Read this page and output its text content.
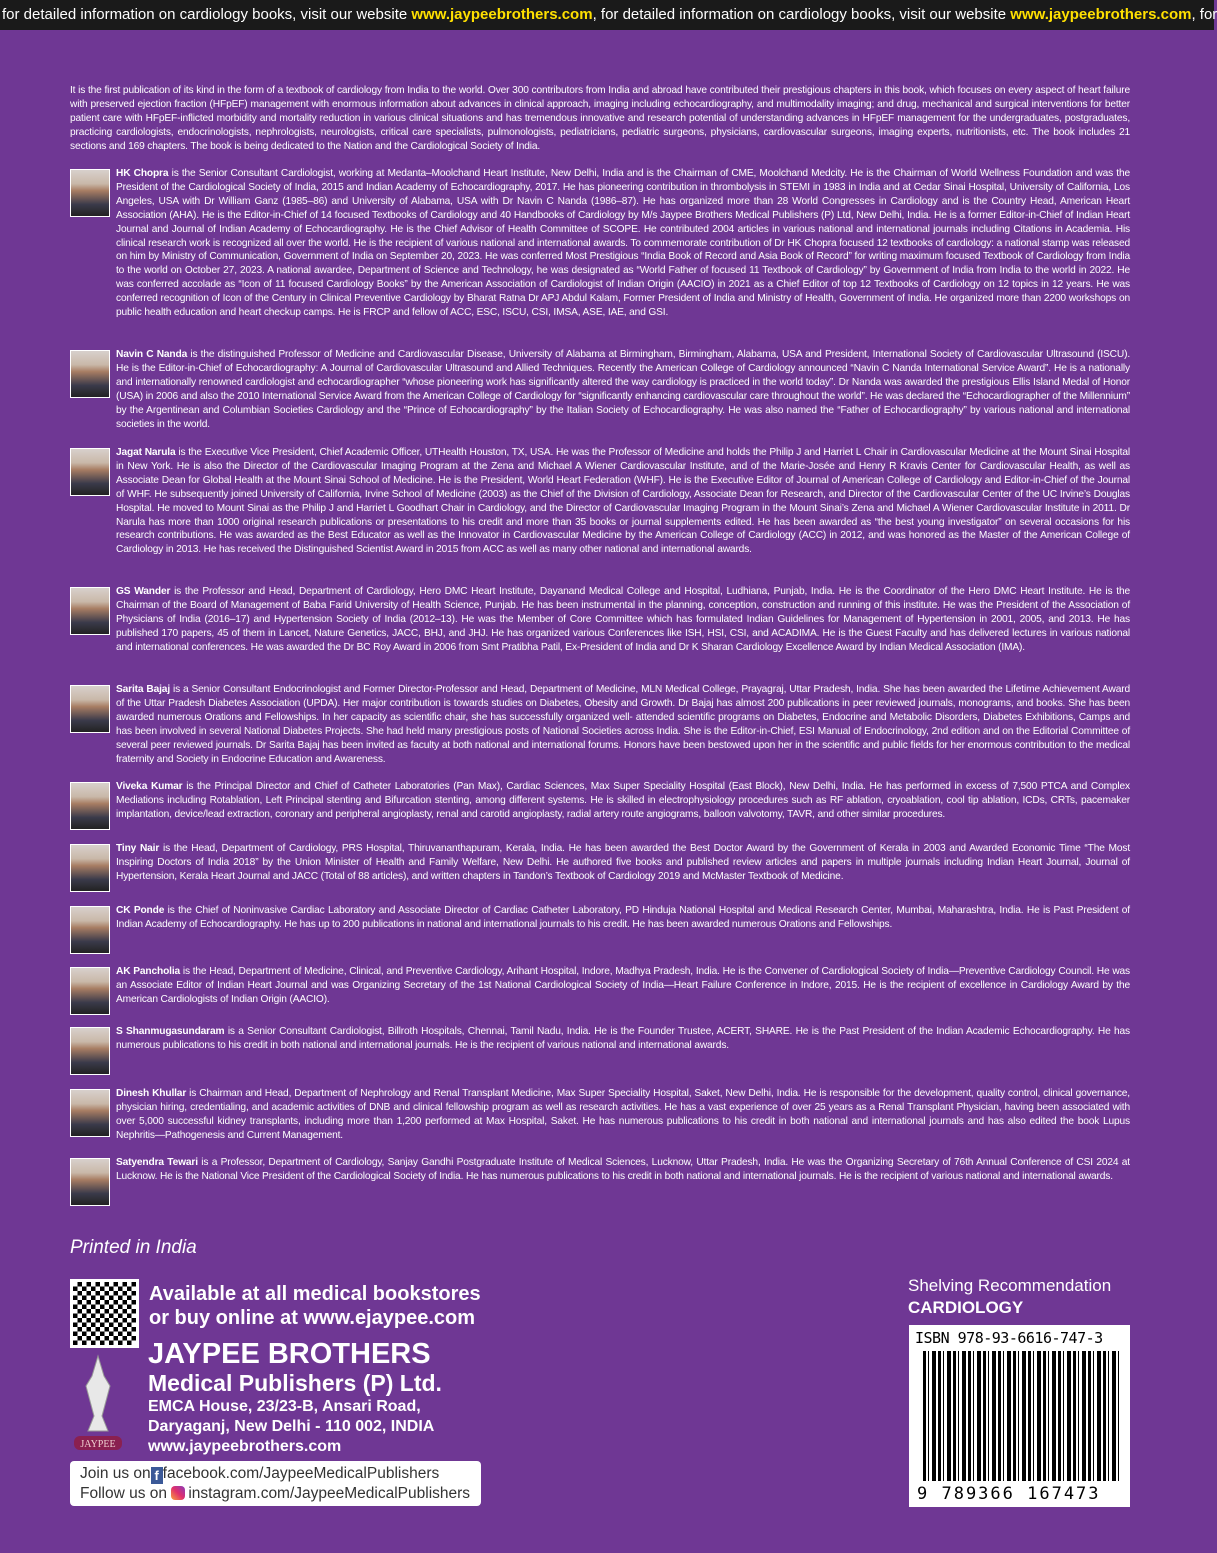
for detailed information on cardiology books, visit our website www.jaypeebrothers.com, for detailed information on cardiology books, visit our website www.jaypeebrothers.com, for

It is the first publication of its kind in the form of a textbook of cardiology from India to the world. Over 300 contributors from India and abroad have contributed their prestigious chapters in this book, which focuses on every aspect of heart failure with preserved ejection fraction (HFpEF) management with enormous information about advances in clinical approach, imaging including echocardiography, and multimodality imaging; and drug, mechanical and surgical interventions for better patient care with HFpEF-inflicted morbidity and mortality reduction in various clinical situations and has tremendous innovative and research potential of understanding advances in HFpEF management for the undergraduates, postgraduates, practicing cardiologists, endocrinologists, nephrologists, neurologists, critical care specialists, pulmonologists, pediatricians, pediatric surgeons, physicians, cardiovascular surgeons, imaging experts, nutritionists, etc. The book includes 21 sections and 169 chapters. The book is being dedicated to the Nation and the Cardiological Society of India.

HK Chopra is the Senior Consultant Cardiologist, working at Medanta–Moolchand Heart Institute, New Delhi, India and is the Chairman of CME, Moolchand Medcity. He is the Chairman of World Wellness Foundation and was the President of the Cardiological Society of India, 2015 and Indian Academy of Echocardiography, 2017. He has pioneering contribution in thrombolysis in STEMI in 1983 in India and at Cedar Sinai Hospital, University of California, Los Angeles, USA with Dr William Ganz (1985–86) and University of Alabama, USA with Dr Navin C Nanda (1986–87). He has organized more than 28 World Congresses in Cardiology and is the Country Head, American Heart Association (AHA). He is the Editor-in-Chief of 14 focused Textbooks of Cardiology and 40 Handbooks of Cardiology by M/s Jaypee Brothers Medical Publishers (P) Ltd, New Delhi, India. He is a former Editor-in-Chief of Indian Heart Journal and Journal of Indian Academy of Echocardiography. He is the Chief Advisor of Health Committee of SCOPE. He contributed 2004 articles in various national and international journals including Citations in Academia. His clinical research work is recognized all over the world. He is the recipient of various national and international awards. To commemorate contribution of Dr HK Chopra focused 12 textbooks of cardiology: a national stamp was released on him by Ministry of Communication, Government of India on September 20, 2023. He was conferred Most Prestigious “India Book of Record and Asia Book of Record” for writing maximum focused Textbook of Cardiology from India to the world on October 27, 2023. A national awardee, Department of Science and Technology, he was designated as “World Father of focused 11 Textbook of Cardiology” by Government of India from India to the world in 2022. He was conferred accolade as “Icon of 11 focused Cardiology Books” by the American Association of Cardiologist of Indian Origin (AACIO) in 2021 as a Chief Editor of top 12 Textbooks of Cardiology on 12 topics in 12 years. He was conferred recognition of Icon of the Century in Clinical Preventive Cardiology by Bharat Ratna Dr APJ Abdul Kalam, Former President of India and Ministry of Health, Government of India. He organized more than 2200 workshops on public health education and heart checkup camps. He is FRCP and fellow of ACC, ESC, ISCU, CSI, IMSA, ASE, IAE, and GSI.

Navin C Nanda is the distinguished Professor of Medicine and Cardiovascular Disease, University of Alabama at Birmingham, Birmingham, Alabama, USA and President, International Society of Cardiovascular Ultrasound (ISCU). He is the Editor-in-Chief of Echocardiography: A Journal of Cardiovascular Ultrasound and Allied Techniques. Recently the American College of Cardiology announced “Navin C Nanda International Service Award”. He is a nationally and internationally renowned cardiologist and echocardiographer “whose pioneering work has significantly altered the way cardiology is practiced in the world today”. Dr Nanda was awarded the prestigious Ellis Island Medal of Honor (USA) in 2006 and also the 2010 International Service Award from the American College of Cardiology for “significantly enhancing cardiovascular care throughout the world”. He was declared the “Echocardiographer of the Millennium” by the Argentinean and Columbian Societies Cardiology and the “Prince of Echocardiography” by the Italian Society of Echocardiography. He was also named the “Father of Echocardiography” by various national and international societies in the world.

Jagat Narula is the Executive Vice President, Chief Academic Officer, UTHealth Houston, TX, USA. He was the Professor of Medicine and holds the Philip J and Harriet L Chair in Cardiovascular Medicine at the Mount Sinai Hospital in New York. He is also the Director of the Cardiovascular Imaging Program at the Zena and Michael A Wiener Cardiovascular Institute, and of the Marie-Josée and Henry R Kravis Center for Cardiovascular Health, as well as Associate Dean for Global Health at the Mount Sinai School of Medicine. He is the President, World Heart Federation (WHF). He is the Executive Editor of Journal of American College of Cardiology and Editor-in-Chief of the Journal of WHF. He subsequently joined University of California, Irvine School of Medicine (2003) as the Chief of the Division of Cardiology, Associate Dean for Research, and Director of the Cardiovascular Center of the UC Irvine’s Douglas Hospital. He moved to Mount Sinai as the Philip J and Harriet L Goodhart Chair in Cardiology, and the Director of Cardiovascular Imaging Program in the Mount Sinai’s Zena and Michael A Wiener Cardiovascular Institute in 2011. Dr Narula has more than 1000 original research publications or presentations to his credit and more than 35 books or journal supplements edited. He has been awarded as “the best young investigator” on several occasions for his research contributions. He was awarded as the Best Educator as well as the Innovator in Cardiovascular Medicine by the American College of Cardiology (ACC) in 2012, and was honored as the Master of the American College of Cardiology in 2013. He has received the Distinguished Scientist Award in 2015 from ACC as well as many other national and international awards.

GS Wander is the Professor and Head, Department of Cardiology, Hero DMC Heart Institute, Dayanand Medical College and Hospital, Ludhiana, Punjab, India. He is the Coordinator of the Hero DMC Heart Institute. He is the Chairman of the Board of Management of Baba Farid University of Health Science, Punjab. He has been instrumental in the planning, conception, construction and running of this institute. He was the President of the Association of Physicians of India (2016–17) and Hypertension Society of India (2012–13). He was the Member of Core Committee which has formulated Indian Guidelines for Management of Hypertension in 2001, 2005, and 2013. He has published 170 papers, 45 of them in Lancet, Nature Genetics, JACC, BHJ, and JHJ. He has organized various Conferences like ISH, HSI, CSI, and ACADIMA. He is the Guest Faculty and has delivered lectures in various national and international conferences. He was awarded the Dr BC Roy Award in 2006 from Smt Pratibha Patil, Ex-President of India and Dr K Sharan Cardiology Excellence Award by Indian Medical Association (IMA).

Sarita Bajaj is a Senior Consultant Endocrinologist and Former Director-Professor and Head, Department of Medicine, MLN Medical College, Prayagraj, Uttar Pradesh, India. She has been awarded the Lifetime Achievement Award of the Uttar Pradesh Diabetes Association (UPDA). Her major contribution is towards studies on Diabetes, Obesity and Growth. Dr Bajaj has almost 200 publications in peer reviewed journals, monograms, and books. She has been awarded numerous Orations and Fellowships. In her capacity as scientific chair, she has successfully organized well- attended scientific programs on Diabetes, Endocrine and Metabolic Disorders, Diabetes Exhibitions, Camps and has been involved in several National Diabetes Projects. She had held many prestigious posts of National Societies across India. She is the Editor-in-Chief, ESI Manual of Endocrinology, 2nd edition and on the Editorial Committee of several peer reviewed journals. Dr Sarita Bajaj has been invited as faculty at both national and international forums. Honors have been bestowed upon her in the scientific and public fields for her enormous contribution to the medical fraternity and Society in Endocrine Education and Awareness.

Viveka Kumar is the Principal Director and Chief of Catheter Laboratories (Pan Max), Cardiac Sciences, Max Super Speciality Hospital (East Block), New Delhi, India. He has performed in excess of 7,500 PTCA and Complex Mediations including Rotablation, Left Principal stenting and Bifurcation stenting, among different systems. He is skilled in electrophysiology procedures such as RF ablation, cryoablation, cool tip ablation, ICDs, CRTs, pacemaker implantation, device/lead extraction, coronary and peripheral angioplasty, renal and carotid angioplasty, radial artery route angiograms, balloon valvotomy, TAVR, and other similar procedures.

Tiny Nair is the Head, Department of Cardiology, PRS Hospital, Thiruvananthapuram, Kerala, India. He has been awarded the Best Doctor Award by the Government of Kerala in 2003 and Awarded Economic Time “The Most Inspiring Doctors of India 2018” by the Union Minister of Health and Family Welfare, New Delhi. He authored five books and published review articles and papers in multiple journals including Indian Heart Journal, Journal of Hypertension, Kerala Heart Journal and JACC (Total of 88 articles), and written chapters in Tandon’s Textbook of Cardiology 2019 and McMaster Textbook of Medicine.

CK Ponde is the Chief of Noninvasive Cardiac Laboratory and Associate Director of Cardiac Catheter Laboratory, PD Hinduja National Hospital and Medical Research Center, Mumbai, Maharashtra, India. He is Past President of Indian Academy of Echocardiography. He has up to 200 publications in national and international journals to his credit. He has been awarded numerous Orations and Fellowships.

AK Pancholia is the Head, Department of Medicine, Clinical, and Preventive Cardiology, Arihant Hospital, Indore, Madhya Pradesh, India. He is the Convener of Cardiological Society of India—Preventive Cardiology Council. He was an Associate Editor of Indian Heart Journal and was Organizing Secretary of the 1st National Cardiological Society of India—Heart Failure Conference in Indore, 2015. He is the recipient of excellence in Cardiology Award by the American Cardiologists of Indian Origin (AACIO).

S Shanmugasundaram is a Senior Consultant Cardiologist, Billroth Hospitals, Chennai, Tamil Nadu, India. He is the Founder Trustee, ACERT, SHARE. He is the Past President of the Indian Academic Echocardiography. He has numerous publications to his credit in both national and international journals. He is the recipient of various national and international awards.

Dinesh Khullar is Chairman and Head, Department of Nephrology and Renal Transplant Medicine, Max Super Speciality Hospital, Saket, New Delhi, India. He is responsible for the development, quality control, clinical governance, physician hiring, credentialing, and academic activities of DNB and clinical fellowship program as well as research activities. He has a vast experience of over 25 years as a Renal Transplant Physician, having been associated with over 5,000 successful kidney transplants, including more than 1,200 performed at Max Hospital, Saket. He has numerous publications to his credit in both national and international journals and has also edited the book Lupus Nephritis—Pathogenesis and Current Management.

Satyendra Tewari is a Professor, Department of Cardiology, Sanjay Gandhi Postgraduate Institute of Medical Sciences, Lucknow, Uttar Pradesh, India. He was the Organizing Secretary of 76th Annual Conference of CSI 2024 at Lucknow. He is the National Vice President of the Cardiological Society of India. He has numerous publications to his credit in both national and international journals. He is the recipient of various national and international awards.

Printed in India
Available at all medical bookstores
or buy online at www.ejaypee.com
JAYPEE
JAYPEE BROTHERS
Medical Publishers (P) Ltd.
EMCA House, 23/23-B, Ansari Road,
Daryaganj, New Delhi - 110 002, INDIA
www.jaypeebrothers.com
Join us on f facebook.com/JaypeeMedicalPublishers
Follow us on instagram.com/JaypeeMedicalPublishers
Shelving Recommendation
CARDIOLOGY
ISBN 978-93-6616-747-3
9 789366 167473
